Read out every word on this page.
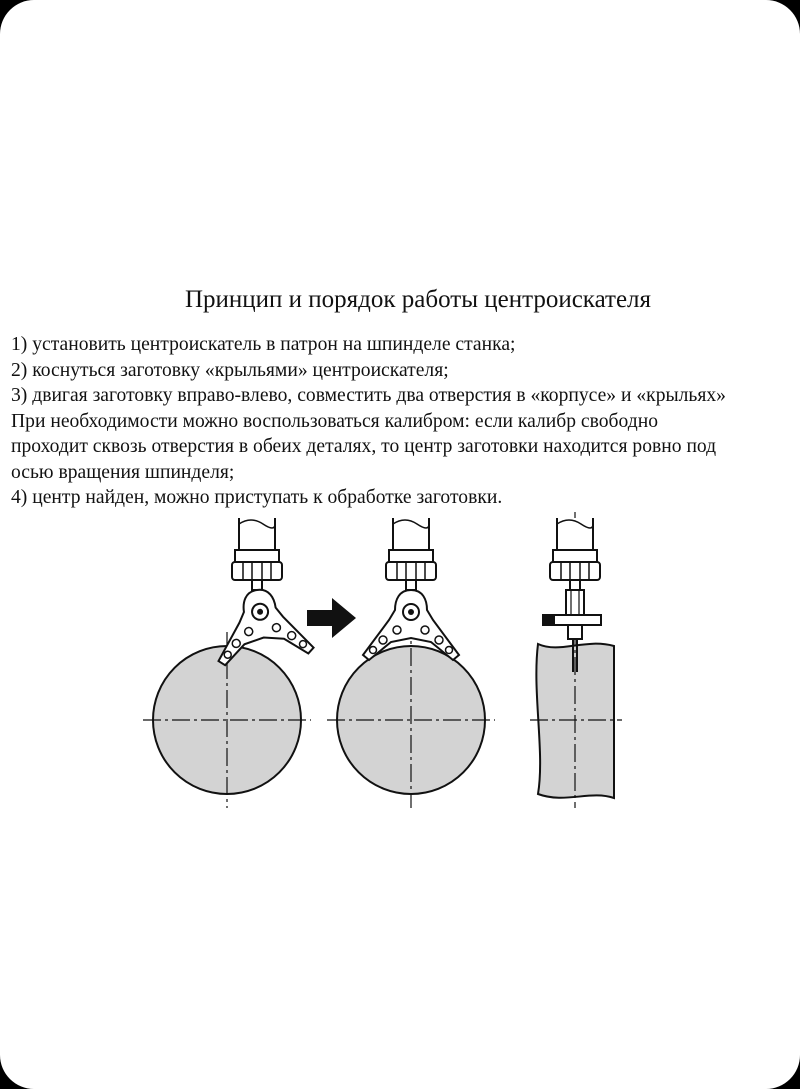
Принцип и порядок работы центроискателя
1) установить центроискатель в патрон на шпинделе станка;
2) коснуться заготовку «крыльями» центроискателя;
3) двигая заготовку вправо-влево, совместить два отверстия в «корпусе» и «крыльях»
При необходимости можно воспользоваться калибром: если калибр свободно
проходит сквозь отверстия в обеих деталях, то центр заготовки находится ровно под
осью вращения шпинделя;
4) центр найден, можно приступать к обработке заготовки.
